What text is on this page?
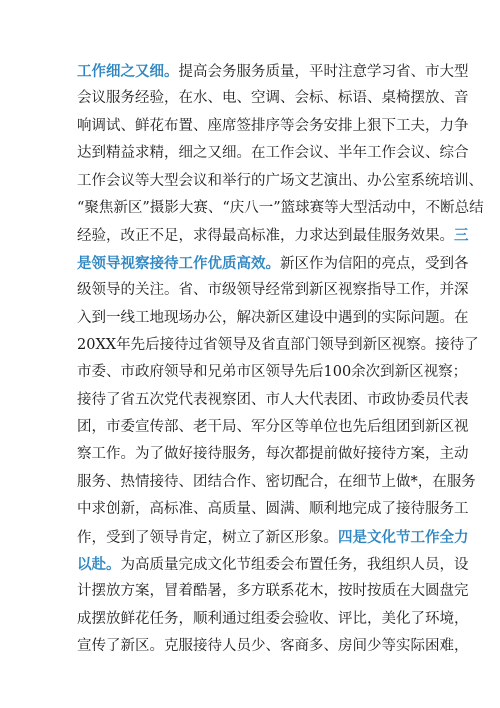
工作细之又细。提高会务服务质量，平时注意学习省、市大型
会议服务经验，在水、电、空调、会标、标语、桌椅摆放、音
响调试、鲜花布置、座席签排序等会务安排上狠下工夫，力争
达到精益求精，细之又细。在工作会议、半年工作会议、综合
工作会议等大型会议和举行的广场文艺演出、办公室系统培训、
“聚焦新区”摄影大赛、“庆八一”篮球赛等大型活动中，不断总结
经验，改正不足，求得最高标准，力求达到最佳服务效果。三
是领导视察接待工作优质高效。新区作为信阳的亮点，受到各
级领导的关注。省、市级领导经常到新区视察指导工作，并深
入到一线工地现场办公，解决新区建设中遇到的实际问题。在
20XX年先后接待过省领导及省直部门领导到新区视察。接待了
市委、市政府领导和兄弟市区领导先后100余次到新区视察；
接待了省五次党代表视察团、市人大代表团、市政协委员代表
团，市委宣传部、老干局、军分区等单位也先后组团到新区视
察工作。为了做好接待服务，每次都提前做好接待方案，主动
服务、热情接待、团结合作、密切配合，在细节上做*，在服务
中求创新，高标准、高质量、圆满、顺利地完成了接待服务工
作，受到了领导肯定，树立了新区形象。四是文化节工作全力
以赴。为高质量完成文化节组委会布置任务，我组织人员，设
计摆放方案，冒着酷暑，多方联系花木，按时按质在大圆盘完
成摆放鲜花任务，顺利通过组委会验收、评比，美化了环境，
宣传了新区。克服接待人员少、客商多、房间少等实际困难，
